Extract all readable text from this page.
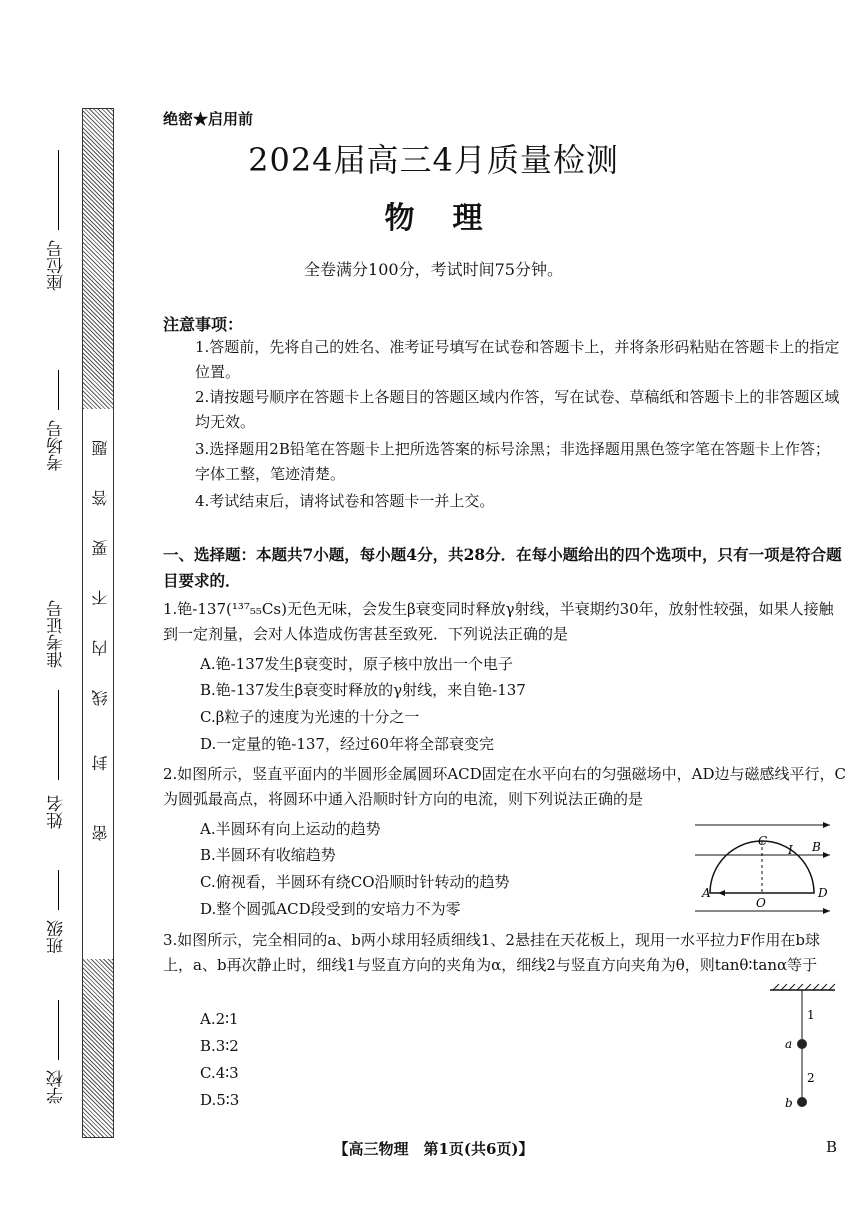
密
封
线
内
不
要
答
题
座位号
考场号
准考证号
姓名
班级
学校
绝密★启用前
2024届高三4月质量检测
物理
全卷满分100分，考试时间75分钟。
注意事项：
1.答题前，先将自己的姓名、准考证号填写在试卷和答题卡上，并将条形码粘贴在答题卡上的指定位置。
2.请按题号顺序在答题卡上各题目的答题区域内作答，写在试卷、草稿纸和答题卡上的非答题区域均无效。
3.选择题用2B铅笔在答题卡上把所选答案的标号涂黑；非选择题用黑色签字笔在答题卡上作答；字体工整，笔迹清楚。
4.考试结束后，请将试卷和答题卡一并上交。
一、选择题：本题共7小题，每小题4分，共28分．在每小题给出的四个选项中，只有一项是符合题目要求的．
1.铯-137(¹³⁷₅₅Cs)无色无味，会发生β衰变同时释放γ射线，半衰期约30年，放射性较强，如果人接触到一定剂量，会对人体造成伤害甚至致死．下列说法正确的是
A.铯-137发生β衰变时，原子核中放出一个电子
B.铯-137发生β衰变时释放的γ射线，来自铯-137
C.β粒子的速度为光速的十分之一
D.一定量的铯-137，经过60年将全部衰变完
2.如图所示，竖直平面内的半圆形金属圆环ACD固定在水平向右的匀强磁场中，AD边与磁感线平行，C为圆弧最高点，将圆环中通入沿顺时针方向的电流，则下列说法正确的是
A.半圆环有向上运动的趋势
B.半圆环有收缩趋势
C.俯视看，半圆环有绕CO沿顺时针转动的趋势
D.整个圆弧ACD段受到的安培力不为零
C
I B
A
O
D
3.如图所示，完全相同的a、b两小球用轻质细线1、2悬挂在天花板上，现用一水平拉力F作用在b球上，a、b再次静止时，细线1与竖直方向的夹角为α，细线2与竖直方向夹角为θ，则tanθ∶tanα等于
A.2∶1
B.3∶2
C.4∶3
D.5∶3
1
2
a
b
【高三物理　第1页(共6页)】	B
